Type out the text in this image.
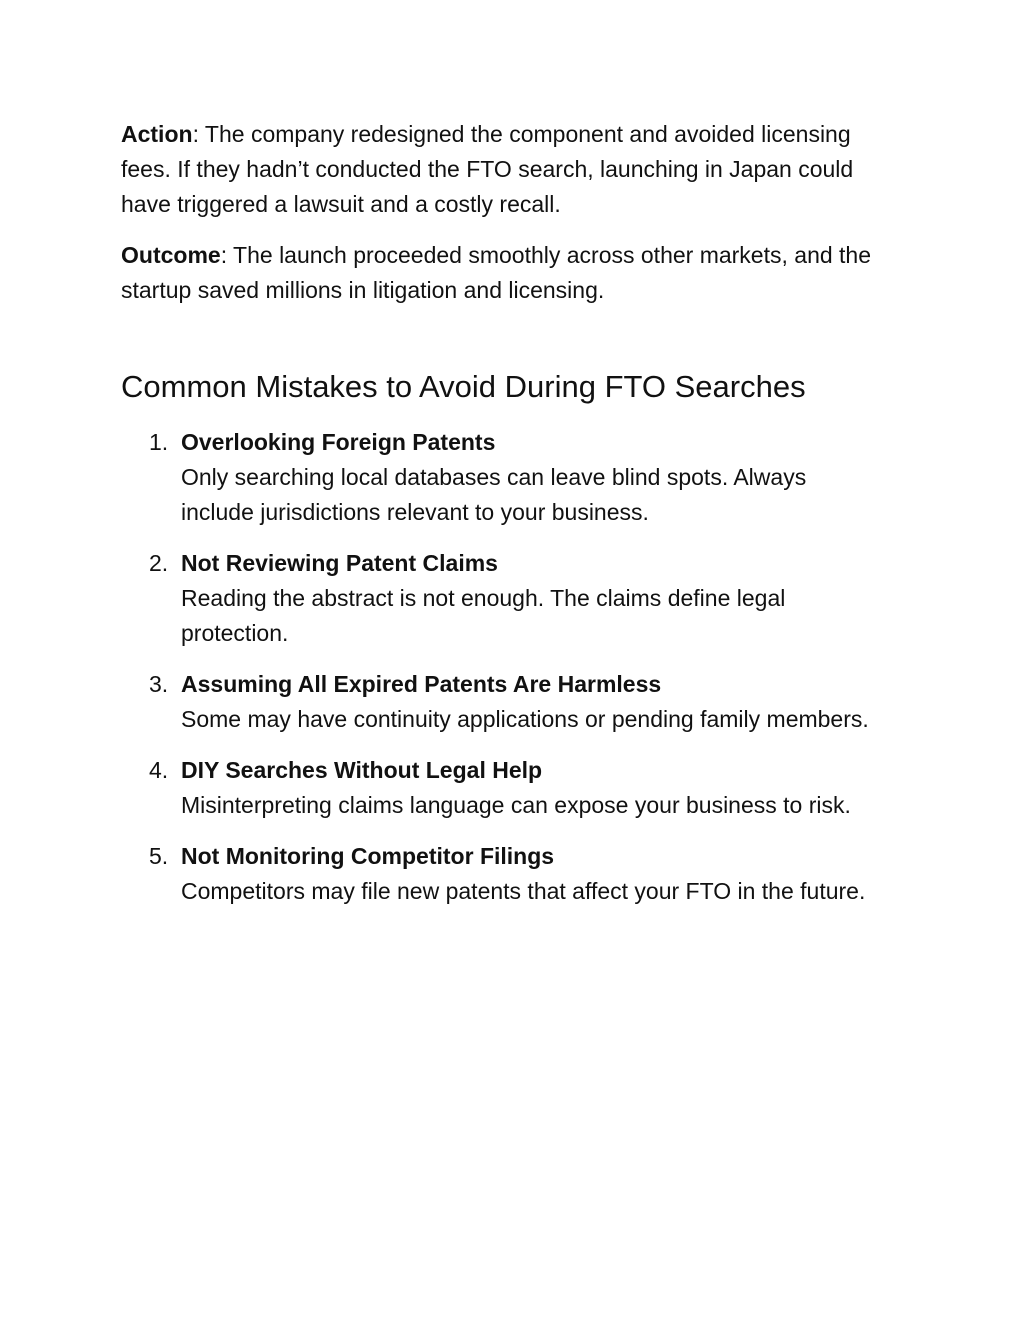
Action: The company redesigned the component and avoided licensing fees. If they hadn’t conducted the FTO search, launching in Japan could have triggered a lawsuit and a costly recall.

Outcome: The launch proceeded smoothly across other markets, and the startup saved millions in litigation and licensing.

Common Mistakes to Avoid During FTO Searches
1. Overlooking Foreign Patents
Only searching local databases can leave blind spots. Always include jurisdictions relevant to your business.
2. Not Reviewing Patent Claims
Reading the abstract is not enough. The claims define legal protection.
3. Assuming All Expired Patents Are Harmless
Some may have continuity applications or pending family members.
4. DIY Searches Without Legal Help
Misinterpreting claims language can expose your business to risk.
5. Not Monitoring Competitor Filings
Competitors may file new patents that affect your FTO in the future.
